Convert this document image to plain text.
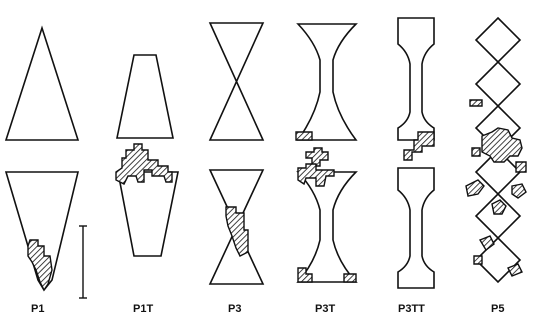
P1	P1T	P3	P3T	P3TT	P5
